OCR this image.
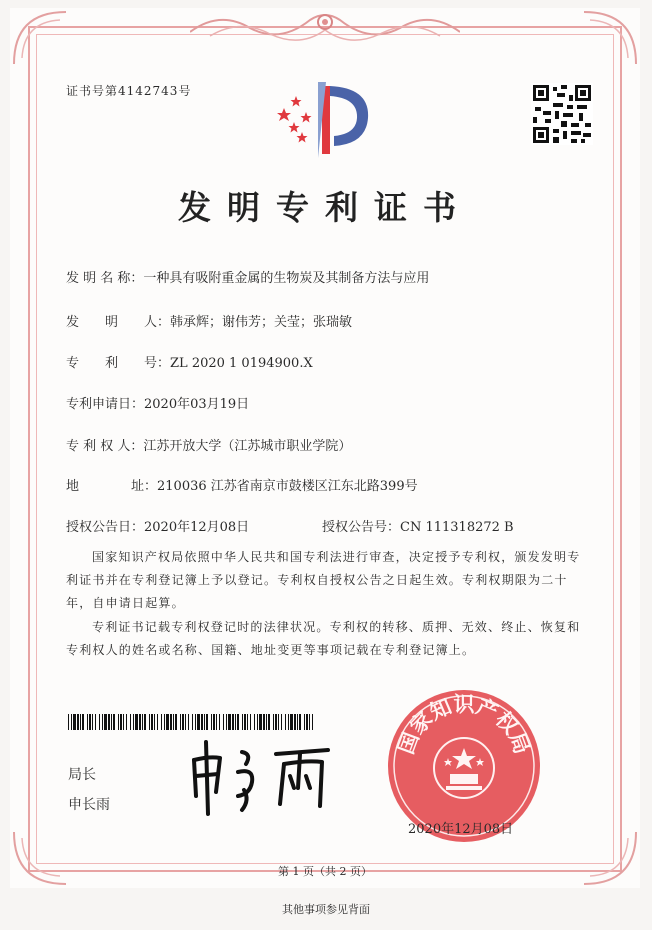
证书号第4142743号
发明专利证书
发 明 名 称：一种具有吸附重金属的生物炭及其制备方法与应用
发　　明　　人：韩承辉；谢伟芳；关莹；张瑞敏
专　　利　　号：ZL 2020 1 0194900.X
专利申请日：2020年03月19日
专 利 权 人：江苏开放大学（江苏城市职业学院）
地　　　　址：210036 江苏省南京市鼓楼区江东北路399号
授权公告日：2020年12月08日	授权公告号：CN 111318272 B
国家知识产权局依照中华人民共和国专利法进行审查，决定授予专利权，颁发发明专利证书并在专利登记簿上予以登记。专利权自授权公告之日起生效。专利权期限为二十年，自申请日起算。
专利证书记载专利权登记时的法律状况。专利权的转移、质押、无效、终止、恢复和专利权人的姓名或名称、国籍、地址变更等事项记载在专利登记簿上。
局长
申长雨
国家知识产权局
2020年12月08日
第 1 页（共 2 页）
其他事项参见背面
